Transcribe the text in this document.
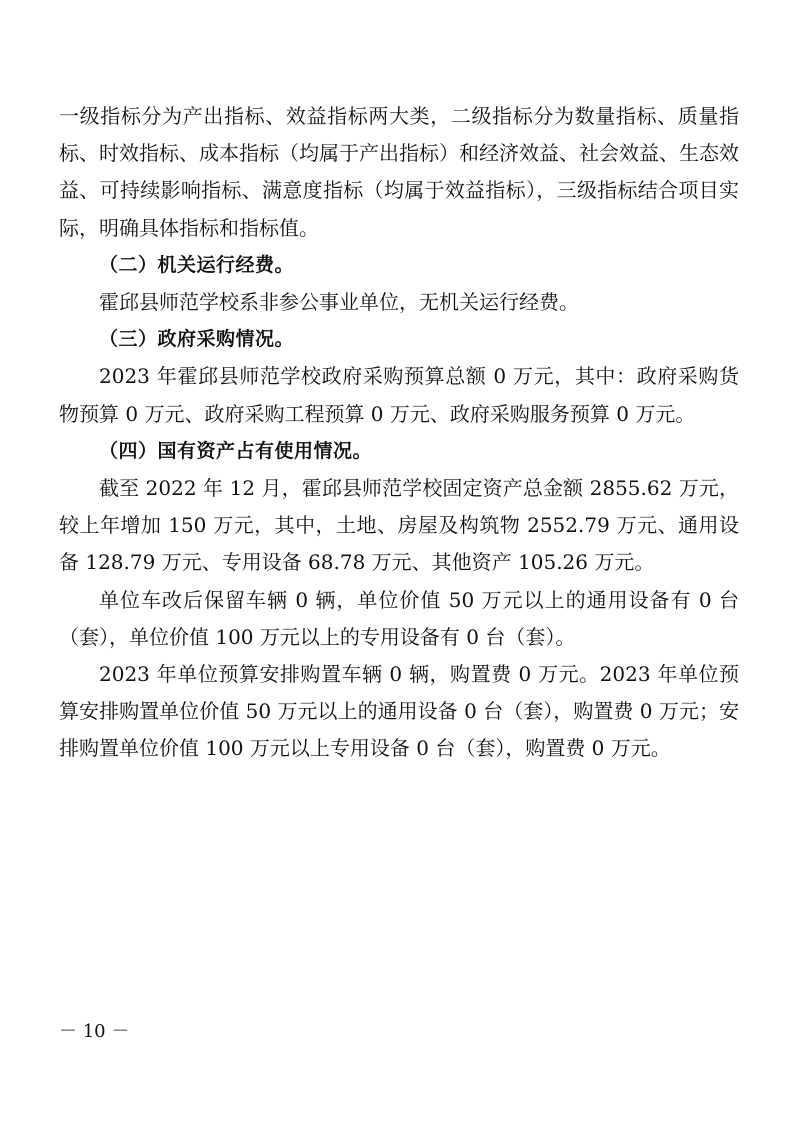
一级指标分为产出指标、效益指标两大类，二级指标分为数量指标、质量指标、时效指标、成本指标（均属于产出指标）和经济效益、社会效益、生态效益、可持续影响指标、满意度指标（均属于效益指标），三级指标结合项目实际，明确具体指标和指标值。

（二）机关运行经费。

霍邱县师范学校系非参公事业单位，无机关运行经费。

（三）政府采购情况。

2023 年霍邱县师范学校政府采购预算总额 0 万元，其中：政府采购货物预算 0 万元、政府采购工程预算 0 万元、政府采购服务预算 0 万元。

（四）国有资产占有使用情况。

截至 2022 年 12 月，霍邱县师范学校固定资产总金额 2855.62 万元，较上年增加 150 万元，其中，土地、房屋及构筑物 2552.79 万元、通用设备 128.79 万元、专用设备 68.78 万元、其他资产 105.26 万元。

单位车改后保留车辆 0 辆，单位价值 50 万元以上的通用设备有 0 台（套），单位价值 100 万元以上的专用设备有 0 台（套）。

2023 年单位预算安排购置车辆 0 辆，购置费 0 万元。2023 年单位预算安排购置单位价值 50 万元以上的通用设备 0 台（套），购置费 0 万元；安排购置单位价值 100 万元以上专用设备 0 台（套），购置费 0 万元。

－ 10 －
